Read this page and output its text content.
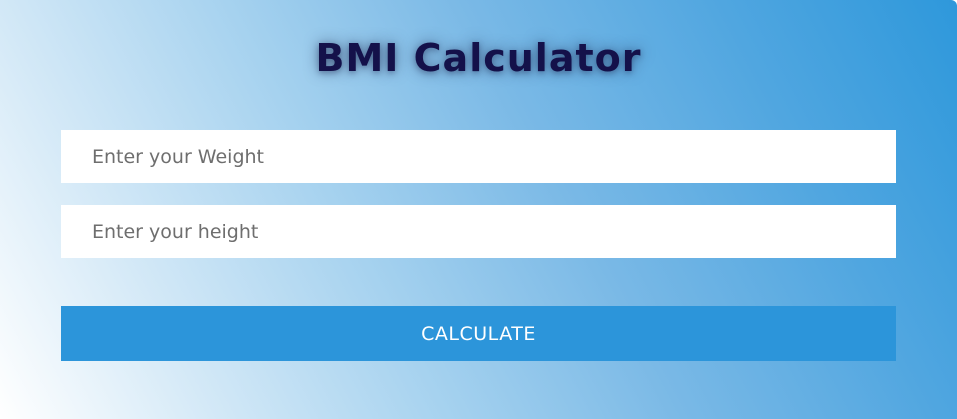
BMI Calculator
Enter your Weight
Enter your height
CALCULATE
